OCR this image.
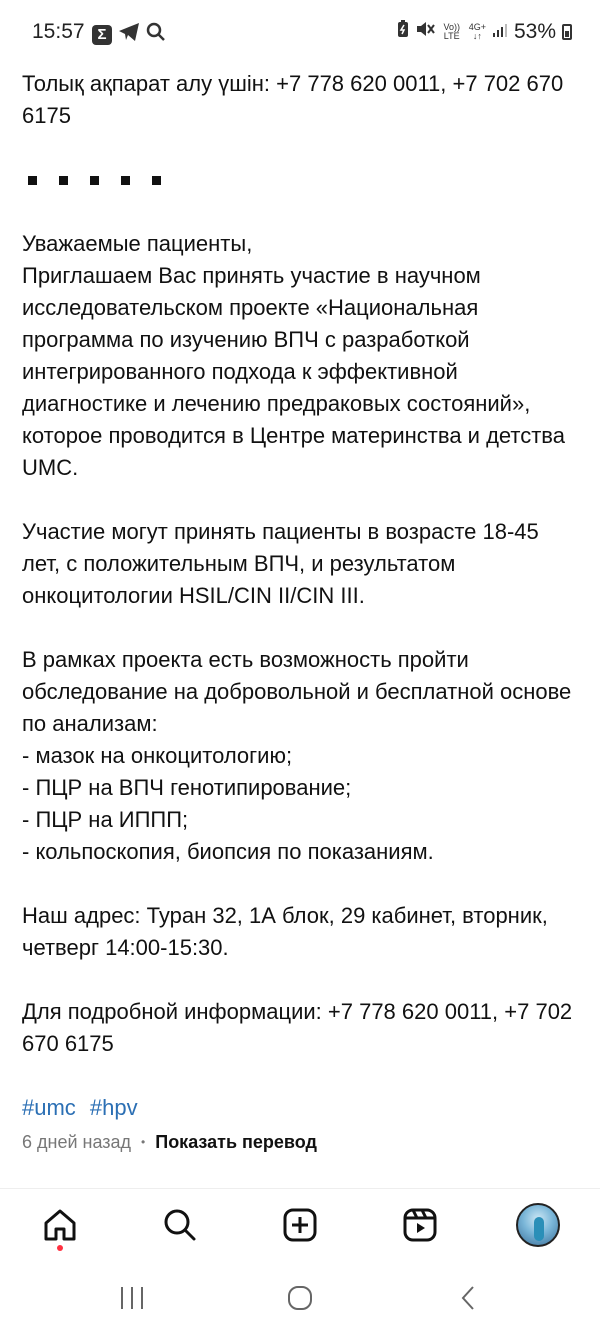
15:57 Σ	Vo)) LTE
4G+
↓↑ 53%

Толық ақпарат алу үшін: +7 778 620 0011, +7 702 670 6175

Уважаемые пациенты,
Приглашаем Вас принять участие в научном исследовательском проекте «Национальная программа по изучению ВПЧ с разработкой интегрированного подхода к эффективной диагностике и лечению предраковых состояний», которое проводится в Центре материнства и детства UMC.

Участие могут принять пациенты в возрасте 18-45 лет, с положительным ВПЧ, и результатом онкоцитологии HSIL/CIN II/CIN III.

В рамках проекта есть возможность пройти обследование на добровольной и бесплатной основе по анализам:
- мазок на онкоцитологию;
- ПЦР на ВПЧ генотипирование;
- ПЦР на ИППП;
- кольпоскопия, биопсия по показаниям.

Наш адрес: Туран 32, 1А блок, 29 кабинет, вторник, четверг 14:00-15:30.

Для подробной информации: +7 778 620 0011, +7 702 670 6175

#umc #hpv
6 дней назад • Показать перевод
